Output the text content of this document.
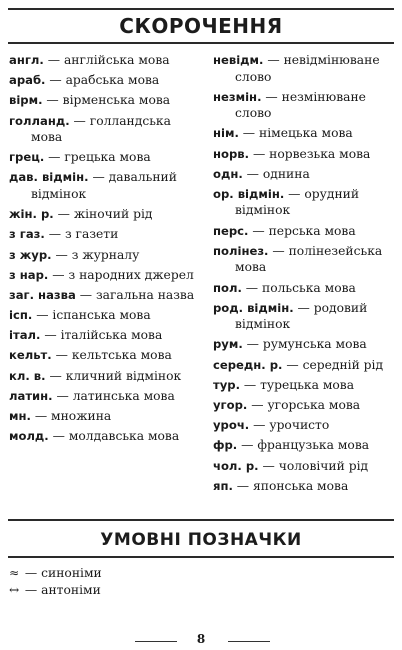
СКОРОЧЕННЯ
англ. — англійська мова
араб. — арабська мова
вірм. — вірменська мова
голланд. — голландська мова
грец. — грецька мова
дав. відмін. — давальний відмінок
жін. р. — жіночий рід
з газ. — з газети
з жур. — з журналу
з нар. — з народних джерел
заг. назва — загальна назва
ісп. — іспанська мова
італ. — італійська мова
кельт. — кельтська мова
кл. в. — кличний відмінок
латин. — латинська мова
мн. — множина
молд. — молдавська мова
невідм. — невідмінюване слово
незмін. — незмінюване слово
нім. — німецька мова
норв. — норвезька мова
одн. — однина
ор. відмін. — орудний відмінок
перс. — перська мова
полінез. — полінезейська мова
пол. — польська мова
род. відмін. — родовий відмінок
рум. — румунська мова
середн. р. — середній рід
тур. — турецька мова
угор. — угорська мова
уроч. — урочисто
фр. — французька мова
чол. р. — чоловічий рід
яп. — японська мова
УМОВНІ ПОЗНАЧКИ
≈ — синоніми
↔ — антоніми
8
